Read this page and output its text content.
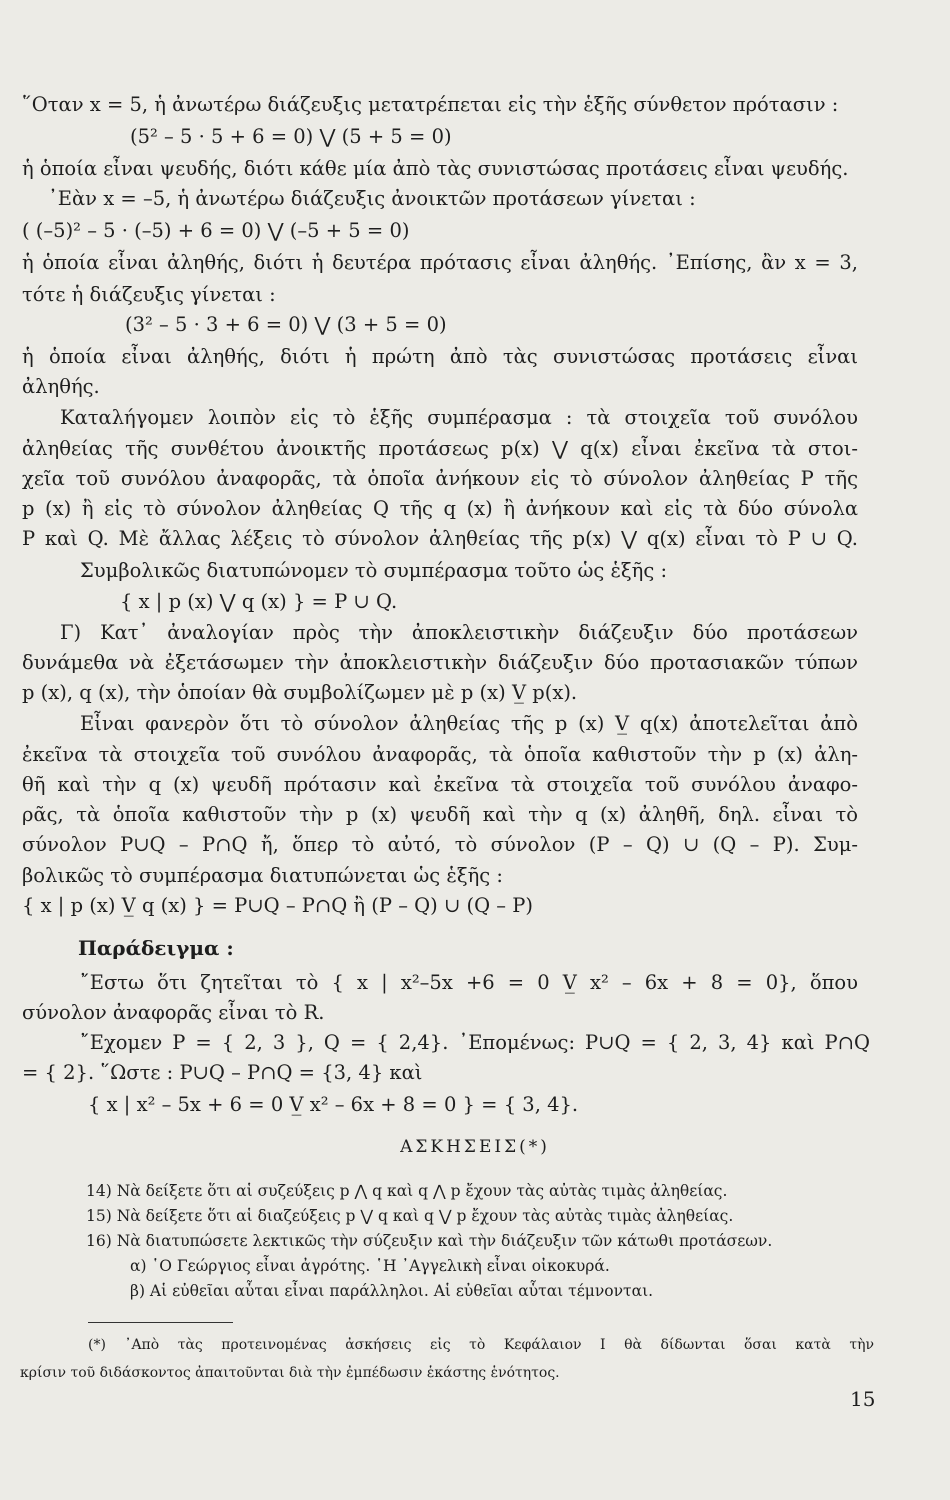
῞Οταν x = 5, ἡ ἀνωτέρω διάζευξις μετατρέπεται εἰς τὴν ἑξῆς σύνθετον πρότασιν :
(5² – 5 · 5 + 6 = 0) ⋁ (5 + 5 = 0)
ἡ ὁποία εἶναι ψευδής, διότι κάθε μία ἀπὸ τὰς συνιστώσας προτάσεις εἶναι ψευδής.
᾿Εὰν x = –5, ἡ ἀνωτέρω διάζευξις ἀνοικτῶν προτάσεων γίνεται :
( (–5)² – 5 · (–5) + 6 = 0) ⋁ (–5 + 5 = 0)
ἡ ὁποία εἶναι ἀληθής, διότι ἡ δευτέρα πρότασις εἶναι ἀληθής. ᾿Επίσης, ἂν x = 3,
τότε ἡ διάζευξις γίνεται :
(3² – 5 · 3 + 6 = 0) ⋁ (3 + 5 = 0)
ἡ ὁποία εἶναι ἀληθής, διότι ἡ πρώτη ἀπὸ τὰς συνιστώσας προτάσεις εἶναι
ἀληθής.
Καταλήγομεν λοιπὸν εἰς τὸ ἑξῆς συμπέρασμα : τὰ στοιχεῖα τοῦ συνόλου
ἀληθείας τῆς συνθέτου ἀνοικτῆς προτάσεως p(x) ⋁ q(x) εἶναι ἐκεῖνα τὰ στοι-
χεῖα τοῦ συνόλου ἀναφορᾶς, τὰ ὁποῖα ἀνήκουν εἰς τὸ σύνολον ἀληθείας P τῆς
p (x) ἢ εἰς τὸ σύνολον ἀληθείας Q τῆς q (x) ἢ ἀνήκουν καὶ εἰς τὰ δύο σύνολα
P καὶ Q. Μὲ ἄλλας λέξεις τὸ σύνολον ἀληθείας τῆς p(x) ⋁ q(x) εἶναι τὸ P ∪ Q.
Συμβολικῶς διατυπώνομεν τὸ συμπέρασμα τοῦτο ὡς ἑξῆς :
{ x | p (x) ⋁ q (x) } = P ∪ Q.
Γ) Κατ᾿ ἀναλογίαν πρὸς τὴν ἀποκλειστικὴν διάζευξιν δύο προτάσεων
δυνάμεθα νὰ ἐξετάσωμεν τὴν ἀποκλειστικὴν διάζευξιν δύο προτασιακῶν τύπων
p (x), q (x), τὴν ὁποίαν θὰ συμβολίζωμεν μὲ p (x) V̲ p(x).
Εἶναι φανερὸν ὅτι τὸ σύνολον ἀληθείας τῆς p (x) V̲ q(x) ἀποτελεῖται ἀπὸ
ἐκεῖνα τὰ στοιχεῖα τοῦ συνόλου ἀναφορᾶς, τὰ ὁποῖα καθιστοῦν τὴν p (x) ἀλη-
θῆ καὶ τὴν q (x) ψευδῆ πρότασιν καὶ ἐκεῖνα τὰ στοιχεῖα τοῦ συνόλου ἀναφο-
ρᾶς, τὰ ὁποῖα καθιστοῦν τὴν p (x) ψευδῆ καὶ τὴν q (x) ἀληθῆ, δηλ. εἶναι τὸ
σύνολον P∪Q – P∩Q ἤ, ὅπερ τὸ αὐτό, τὸ σύνολον (P – Q) ∪ (Q – P). Συμ-
βολικῶς τὸ συμπέρασμα διατυπώνεται ὡς ἑξῆς :
{ x | p (x) V̲ q (x) } = P∪Q – P∩Q ἢ (P – Q) ∪ (Q – P)
Παράδειγμα :
῎Εστω ὅτι ζητεῖται τὸ { x | x²–5x +6 = 0 V̲ x² – 6x + 8 = 0}, ὅπου
σύνολον ἀναφορᾶς εἶναι τὸ R.
῎Εχομεν P = { 2, 3 }, Q = { 2,4}. ᾿Επομένως: P∪Q = { 2, 3, 4} καὶ P∩Q
= { 2}. ῞Ωστε : P∪Q – P∩Q = {3, 4} καὶ
{ x | x² – 5x + 6 = 0 V̲ x² – 6x + 8 = 0 } = { 3, 4}.
ΑΣΚΗΣΕΙΣ(*)
14) Νὰ δείξετε ὅτι αἱ συζεύξεις p ⋀ q καὶ q ⋀ p ἔχουν τὰς αὐτὰς τιμὰς ἀληθείας.
15) Νὰ δείξετε ὅτι αἱ διαζεύξεις p ⋁ q καὶ q ⋁ p ἔχουν τὰς αὐτὰς τιμὰς ἀληθείας.
16) Νὰ διατυπώσετε λεκτικῶς τὴν σύζευξιν καὶ τὴν διάζευξιν τῶν κάτωθι προτάσεων.
α) ῾Ο Γεώργιος εἶναι ἀγρότης. ῾Η ᾿Αγγελικὴ εἶναι οἰκοκυρά.
β) Αἱ εὐθεῖαι αὗται εἶναι παράλληλοι. Αἱ εὐθεῖαι αὗται τέμνονται.
(*) ᾿Απὸ τὰς προτεινομένας ἀσκήσεις εἰς τὸ Κεφάλαιον Ι θὰ δίδωνται ὅσαι κατὰ τὴν
κρίσιν τοῦ διδάσκοντος ἀπαιτοῦνται διὰ τὴν ἐμπέδωσιν ἑκάστης ἑνότητος.
15
